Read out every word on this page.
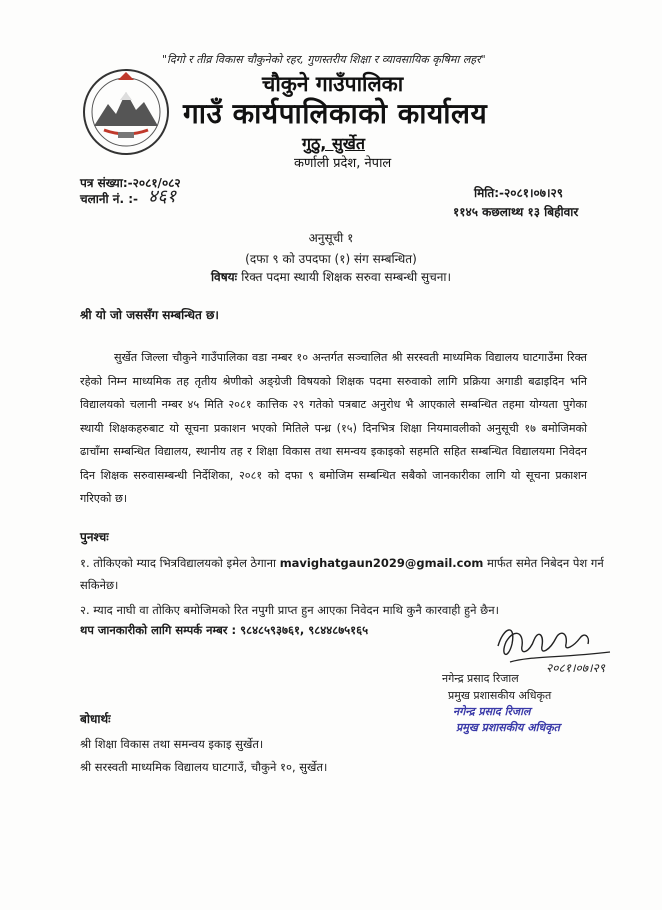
"दिगो र तीव्र विकास चौकुनेको रहर, गुणस्तरीय शिक्षा र व्यावसायिक कृषिमा लहर"
चौकुने गाउँपालिका
गाउँ कार्यपालिकाको कार्यालय
गुठु, सुर्खेत
कर्णाली प्रदेश, नेपाल
पत्र संख्या:-२०८१/०८२
चलानी नं. :- ४६१	मिति:-२०८१।०७।२९
११४५ कछलाथ्थ १३ बिहीवार
अनुसूची १
(दफा ९ को उपदफा (१) संग सम्बन्धित)
विषयः रिक्त पदमा स्थायी शिक्षक सरुवा सम्बन्धी सुचना।
श्री यो जो जससँग सम्बन्धित छ।
सुर्खेत जिल्ला चौकुने गाउँपालिका वडा नम्बर १० अन्तर्गत सञ्चालित श्री सरस्वती माध्यमिक विद्यालय घाटगाउँमा रिक्त रहेको निम्न माध्यमिक तह तृतीय श्रेणीको अङ्ग्रेजी विषयको शिक्षक पदमा सरुवाको लागि प्रक्रिया अगाडी बढाइदिन भनि विद्यालयको चलानी नम्बर ४५ मिति २०८१ कात्तिक २९ गतेको पत्रबाट अनुरोध भै आएकाले सम्बन्धित तहमा योग्यता पुगेका स्थायी शिक्षकहरुबाट यो सूचना प्रकाशन भएको मितिले पन्ध्र (१५) दिनभित्र शिक्षा नियमावलीको अनुसूची १७ बमोजिमको ढाचाँमा सम्बन्धित विद्यालय, स्थानीय तह र शिक्षा विकास तथा समन्वय इकाइको सहमति सहित सम्बन्धित विद्यालयमा निवेदन दिन शिक्षक सरुवासम्बन्धी निर्देशिका, २०८१ को दफा ९ बमोजिम सम्बन्धित सबैको जानकारीका लागि यो सूचना प्रकाशन गरिएको छ।
पुनश्चः
१. तोकिएको म्याद भित्रविद्यालयको इमेल ठेगाना mavighatgaun2029@gmail.com मार्फत समेत निबेदन पेश गर्न
सकिनेछ।
२. म्याद नाघी वा तोकिए बमोजिमको रित नपुगी प्राप्त हुन आएका निवेदन माथि कुनै कारवाही हुने छैन।
थप जानकारीको लागि सम्पर्क नम्बर : ९८४८५९३७६१, ९८४४८७५१६५
२०८१।०७।२९
नगेन्द्र प्रसाद रिजाल
प्रमुख प्रशासकीय अधिकृत
नगेन्द्र प्रसाद रिजाल
प्रमुख प्रशासकीय अधिकृत
बोधार्थः
श्री शिक्षा विकास तथा समन्वय इकाइ सुर्खेत।
श्री सरस्वती माध्यमिक विद्यालय घाटगाउँ, चौकुने १०, सुर्खेत।
